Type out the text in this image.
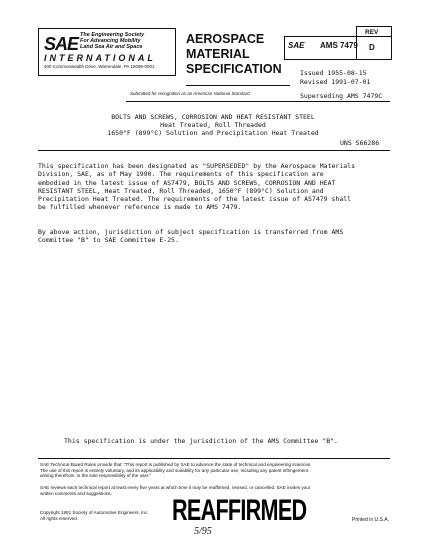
SAE The Engineering Society
For Advancing Mobility
Land Sea Air and Space
INTERNATIONAL
400 Commonwealth Drive, Warrendale, PA 15096-0001
AEROSPACE
MATERIAL
SPECIFICATION
SAE AMS 7479
REV
D
Issued 1955-08-15
Revised 1991-07-01
Submitted for recognition as an American National Standard	Superseding AMS 7479C
BOLTS AND SCREWS, CORROSION AND HEAT RESISTANT STEEL
Heat Treated, Roll Threaded
1650°F (899°C) Solution and Precipitation Heat Treated
UNS S66286
This specification has been designated as "SUPERSEDED" by the Aerospace Materials
Division, SAE, as of May 1990. The requirements of this specification are
embodied in the latest issue of AS7479, BOLTS AND SCREWS, CORROSION AND HEAT
RESISTANT STEEL, Heat Treated, Roll Threaded, 1650°F (899°C) Solution and
Precipitation Heat Treated. The requirements of the latest issue of AS7479 shall
be fulfilled whenever reference is made to AMS 7479.
By above action, jurisdiction of subject specification is transferred from AMS
Committee "B" to SAE Committee E-25.
This specification is under the jurisdiction of the AMS Committee "B".
SAE Technical Board Rules provide that: "This report is published by SAE to advance the state of technical and engineering sciences.
The use of this report is entirely voluntary, and its applicability and suitability for any particular use, including any patent infringement
arising therefrom, is the sole responsibility of the user."
SAE reviews each technical report at least every five years at which time it may be reaffirmed, revised, or cancelled. SAE invites your
written comments and suggestions.
Copyright 1991 Society of Automotive Engineers, Inc.
All rights reserved.	REAFFIRMED
5/95
Printed in U.S.A.
